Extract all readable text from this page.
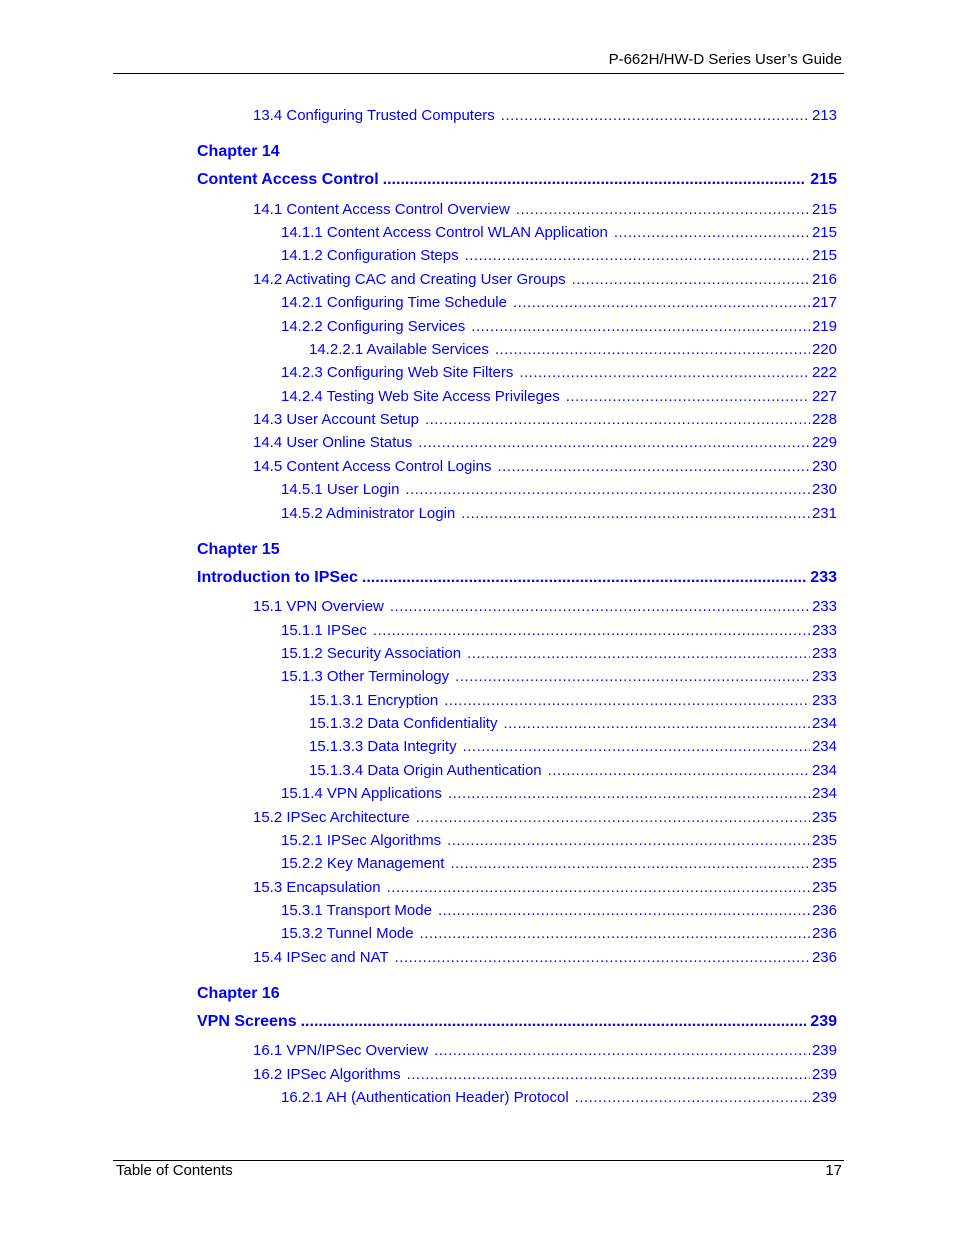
P-662H/HW-D Series User’s Guide
13.4 Configuring Trusted Computers .....	213
Chapter 14
Content Access Control .....	215
14.1 Content Access Control Overview .....	215
14.1.1 Content Access Control WLAN Application .....	215
14.1.2 Configuration Steps .....	215
14.2 Activating CAC and Creating User Groups .....	216
14.2.1 Configuring Time Schedule .....	217
14.2.2 Configuring Services .....	219
14.2.2.1 Available Services .....	220
14.2.3 Configuring Web Site Filters .....	222
14.2.4 Testing Web Site Access Privileges .....	227
14.3 User Account Setup .....	228
14.4 User Online Status .....	229
14.5 Content Access Control Logins .....	230
14.5.1 User Login .....	230
14.5.2 Administrator Login .....	231
Chapter 15
Introduction to IPSec .....	233
15.1 VPN Overview .....	233
15.1.1 IPSec .....	233
15.1.2 Security Association .....	233
15.1.3 Other Terminology .....	233
15.1.3.1 Encryption .....	233
15.1.3.2 Data Confidentiality .....	234
15.1.3.3 Data Integrity .....	234
15.1.3.4 Data Origin Authentication .....	234
15.1.4 VPN Applications .....	234
15.2 IPSec Architecture .....	235
15.2.1 IPSec Algorithms .....	235
15.2.2 Key Management .....	235
15.3 Encapsulation .....	235
15.3.1 Transport Mode .....	236
15.3.2 Tunnel Mode .....	236
15.4 IPSec and NAT .....	236
Chapter 16
VPN Screens .....	239
16.1 VPN/IPSec Overview .....	239
16.2 IPSec Algorithms .....	239
16.2.1 AH (Authentication Header) Protocol .....	239
Table of Contents	17
